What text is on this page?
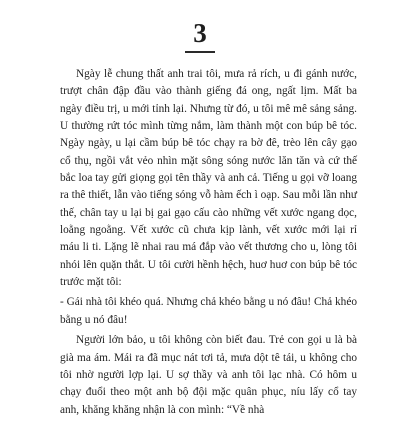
3

Ngày lễ chung thất anh trai tôi, mưa rả rích, u đi gánh nước, trượt chân đập đầu vào thành giếng đá ong, ngất lịm. Mất ba ngày điều trị, u mới tỉnh lại. Nhưng từ đó, u tôi mê mê sảng sảng. U thường rứt tóc mình từng nắm, làm thành một con búp bê tóc. Ngày ngày, u lại cầm búp bê tóc chạy ra bờ đê, trèo lên cây gạo cổ thụ, ngồi vắt vẻo nhìn mặt sông sóng nước lăn tăn và cứ thế bắc loa tay gửi giọng gọi tên thầy và anh cả. Tiếng u gọi vỡ loang ra thê thiết, lẫn vào tiếng sóng vỗ hàm ếch ì oạp. Sau mỗi lần như thế, chân tay u lại bị gai gạo cấu cào những vết xước ngang dọc, loằng ngoằng. Vết xước cũ chưa kịp lành, vết xước mới lại rỉ máu li ti. Lặng lẽ nhai rau má đắp vào vết thương cho u, lòng tôi nhói lên quặn thắt. U tôi cười hềnh hệch, huơ huơ con búp bê tóc trước mặt tôi:

- Gái nhà tôi khéo quá. Nhưng chả khéo bằng u nó đâu! Chả khéo bằng u nó đâu!

Người lớn bảo, u tôi không còn biết đau. Trẻ con gọi u là bà già ma ám. Mái ra đã mục nát tơi tả, mưa dột tê tái, u không cho tôi nhờ người lợp lại. U sợ thầy và anh tôi lạc nhà. Có hôm u chạy đuổi theo một anh bộ đội mặc quân phục, níu lấy cổ tay anh, khăng khăng nhận là con mình: “Về nhà
